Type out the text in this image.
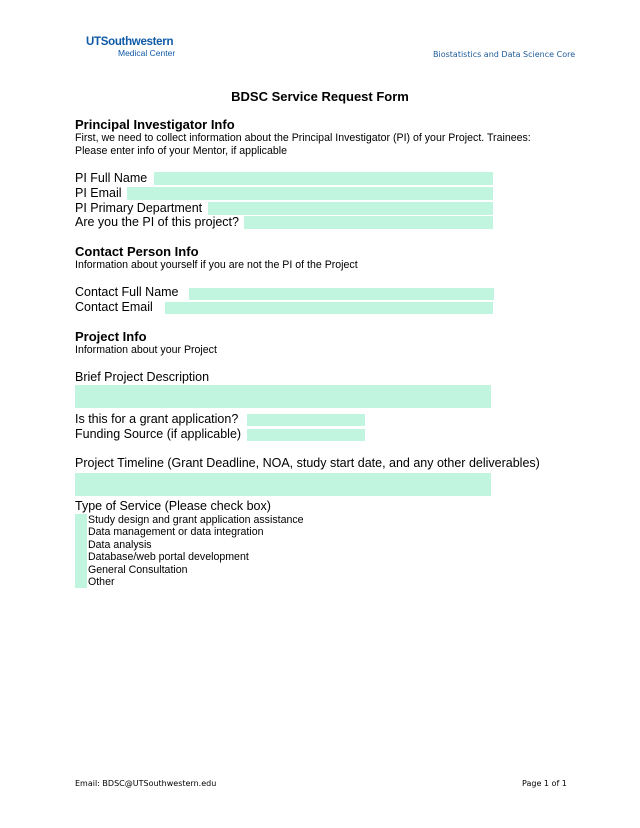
UTSouthwestern
Medical Center	Biostatistics and Data Science Core
BDSC Service Request Form
Principal Investigator Info
First, we need to collect information about the Principal Investigator (PI) of your Project. Trainees:
Please enter info of your Mentor, if applicable
PI Full Name
PI Email
PI Primary Department
Are you the PI of this project?
Contact Person Info
Information about yourself if you are not the PI of the Project
Contact Full Name
Contact Email
Project Info
Information about your Project
Brief Project Description
Is this for a grant application?
Funding Source (if applicable)
Project Timeline (Grant Deadline, NOA, study start date, and any other deliverables)
Type of Service (Please check box)
Study design and grant application assistance
Data management or data integration
Data analysis
Database/web portal development
General Consultation
Other
Email: BDSC@UTSouthwestern.edu	Page 1 of 1
